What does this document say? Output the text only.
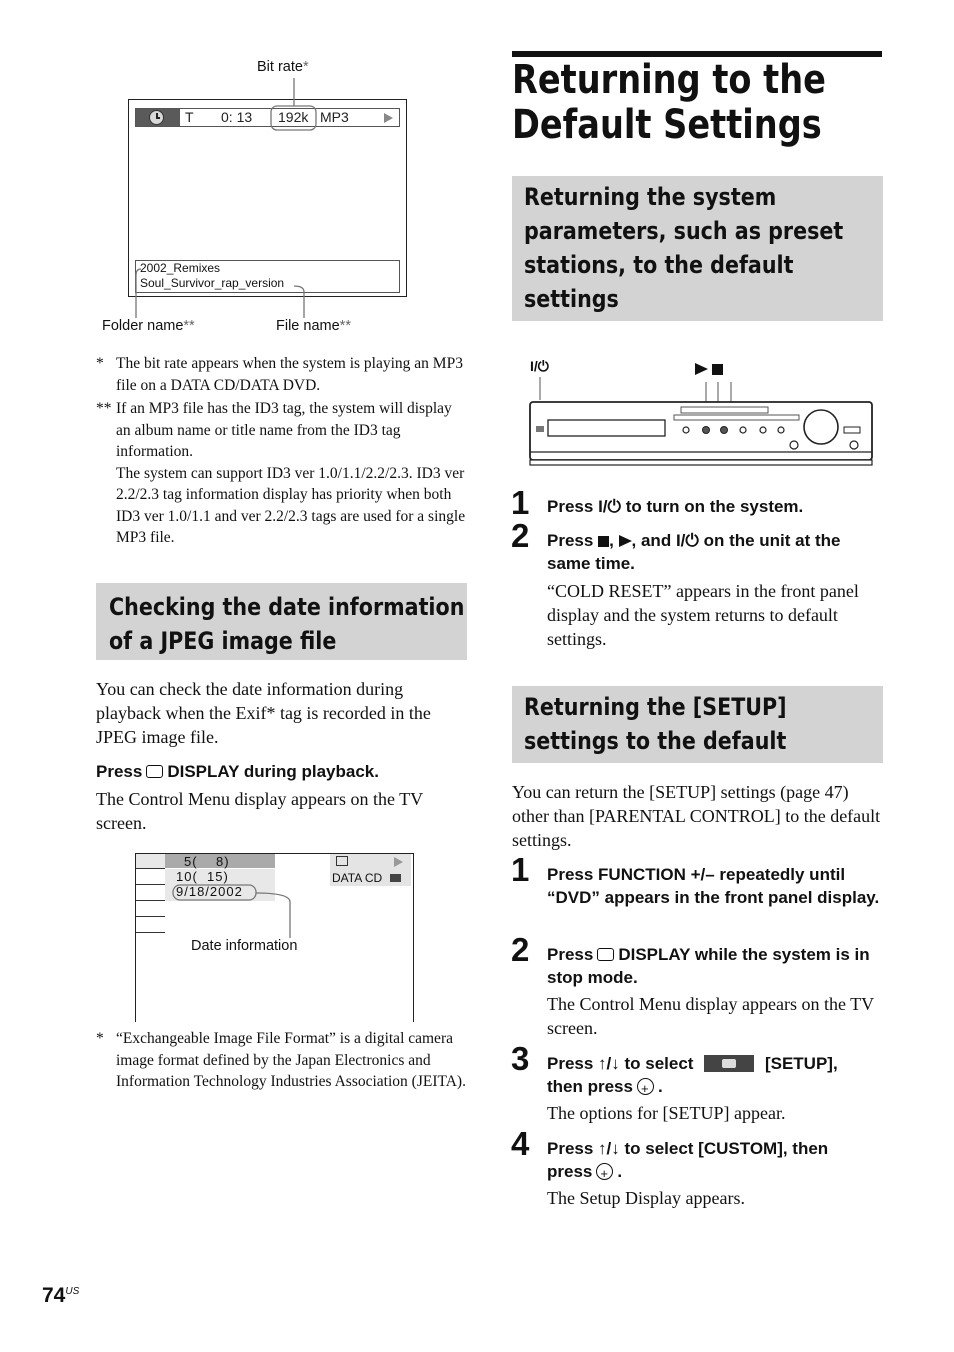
Bit rate*
T 0: 13 192k MP3
2002_Remixes
Soul_Survivor_rap_version
Folder name**	File name**
* The bit rate appears when the system is playing an MP3 file on a DATA CD/DATA DVD.
** If an MP3 file has the ID3 tag, the system will display an album name or title name from the ID3 tag information.
The system can support ID3 ver 1.0/1.1/2.2/2.3. ID3 ver 2.2/2.3 tag information display has priority when both ID3 ver 1.0/1.1 and ver 2.2/2.3 tags are used for a single MP3 file.
Checking the date information of a JPEG image file
You can check the date information during playback when the Exif* tag is recorded in the JPEG image file.
Press DISPLAY during playback.
The Control Menu display appears on the TV screen.
5(    8)
10(  15)
9/18/2002
DATA CD
Date information
* “Exchangeable Image File Format” is a digital camera image format defined by the Japan Electronics and Information Technology Industries Association (JEITA).
$74^{US}$
Returning to the Default Settings
Returning the system parameters, such as preset stations, to the default settings
I/⏻
1 Press I/⏻ to turn on the system.
2 Press , , and I/⏻ on the unit at the same time.
“COLD RESET” appears in the front panel display and the system returns to default settings.
Returning the [SETUP] settings to the default
You can return the [SETUP] settings (page 47) other than [PARENTAL CONTROL] to the default settings.
1 Press FUNCTION +/– repeatedly until “DVD” appears in the front panel display.
2 Press DISPLAY while the system is in stop mode.
The Control Menu display appears on the TV screen.
3 Press ↑/↓ to select	[SETUP],
then press + .
The options for [SETUP] appear.
4 Press ↑/↓ to select [CUSTOM], then
press + .
The Setup Display appears.
